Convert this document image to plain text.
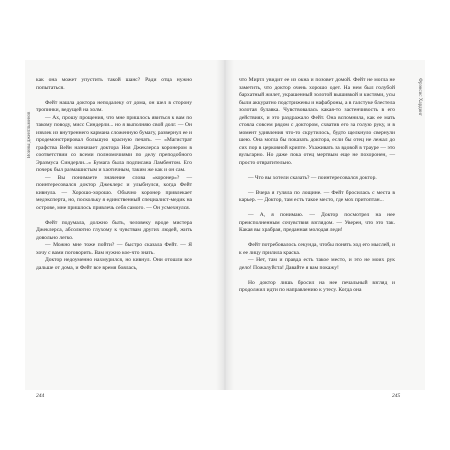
как она может упустить такой шанс? Ради отца нужно попытаться.

Фейт нашла доктора неподалеку от дома, он шел в сторону тропинки, ведущей на холм.

— Ах, прошу прощения, что мне пришлось явиться к вам по такому поводу, мисс Синдерли... но я выполняю свой долг. — Он извлек из внутреннего кармана сложенную бумагу, развернул ее и продемонстрировал большую красную печать. — «Магистрат графства Вейн назначает доктора Ноя Джеклерса коронером в соответствии со всеми полномочиями по делу преподобного Эразмуса Синдерли...» Бумага была подписана Ламбентом. Его почерк был размашистым и хаотичным, таким же как и он сам.

— Вы понимаете значение слова «коронер»? — поинтересовался доктор Джеклерс и улыбнулся, когда Фейт кивнула. — Хорошо-хорошо. Обычно коронер привлекает медэксперта, но, поскольку я единственный специалист-медик на острове, мне пришлось привлечь себя самого. — Он усмехнулся.

Фейт подумала, должно быть, человеку вроде мистера Джеклерса, абсолютно глухому к чувствам других людей, жить довольно легко.

— Можно мне тоже пойти? — быстро сказала Фейт. — Я хочу с вами поговорить. Вам нужно кое-что знать.

Доктор недоуменно нахмурился, но кивнул. Они отошли все дальше от дома, и Фейт все время боялась,

что Миртл увидит ее из окна и позовет домой. Фейт не могла не заметить, что доктор очень хорошо одет. На нем был голубой бархатный жилет, украшенный золотой вышивкой и кистями, усы были аккуратно подстрижены и нафаброны, а в галстуке блестела золотая булавка. Чувствовалась какая-то застенчивость в его действиях, и это раздражало Фейт. Она вспомнила, как ее мать стояла совсем рядом с доктором, схватив его за голую руку, и в момент удивления что-то скрутилось, будто щелкнуло свернули шею. Она могла бы показать доктора, если бы отец не лежал до сих пор в церковной крипте. Ухаживать за вдовой в трауре — это вульгарно. Но даже пока отец мертвым еще не похоронен, — просто отвратительно.

— Что вы хотели сказать? — поинтересовался доктор.

— Вчера я гуляла по лощине. — Фейт бросилась с места в карьер. — Доктор, там есть такое место, где мох притоптан...

— А, я понимаю. — Доктор посмотрел на нее преисполненным сочувствия взглядом. — Уверен, что это так. Какая вы храбрая, преданная молодая леди!

Фейт потребовалось секунда, чтобы понять ход его мыслей, и к ее лицу прилила краска.

— Нет, там и правда есть такое место, и это не моих рук дело! Пожалуйста! Давайте я вам покажу!

Но доктор лишь бросил на нее печальный взгляд и продолжил идти по направлению к утесу. Когда она

Воины джентльменов
Фрэнсис Хардинг
244	245
